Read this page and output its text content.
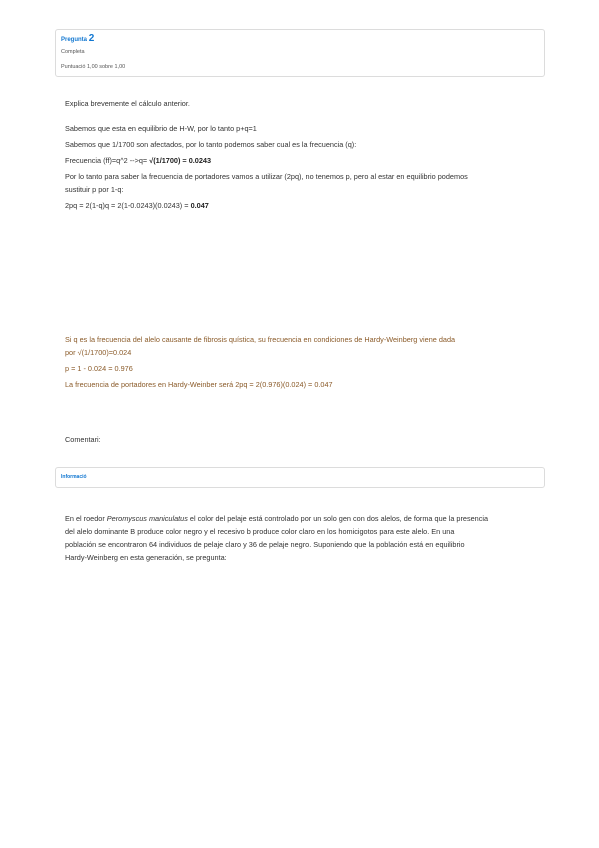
Pregunta 2
Completa
Puntuació 1,00 sobre 1,00
Explica brevemente el cálculo anterior.
Sabemos que esta en equilibrio de H-W, por lo tanto p+q=1
Sabemos que 1/1700 son afectados, por lo tanto podemos saber cual es la frecuencia (q):
Frecuencia (ff)=q^2 -->q= √(1/1700) = 0.0243
Por lo tanto para saber la frecuencia de portadores vamos a utilizar (2pq), no tenemos p, pero al estar en equilibrio podemos
sustituir p por 1-q:
2pq = 2(1-q)q = 2(1-0.0243)(0.0243) = 0.047
Si q es la frecuencia del alelo causante de fibrosis quística, su frecuencia en condiciones de Hardy-Weinberg viene dada
por √(1/1700)=0.024
p = 1 - 0.024 = 0.976
La frecuencia de portadores en Hardy-Weinber será 2pq = 2(0.976)(0.024) = 0.047
Comentari:
Informació
En el roedor Peromyscus maniculatus el color del pelaje está controlado por un solo gen con dos alelos, de forma que la presencia
del alelo dominante B produce color negro y el recesivo b produce color claro en los homicigotos para este alelo. En una
población se encontraron 64 individuos de pelaje claro y 36 de pelaje negro. Suponiendo que la población está en equilibrio
Hardy-Weinberg en esta generación, se pregunta:
